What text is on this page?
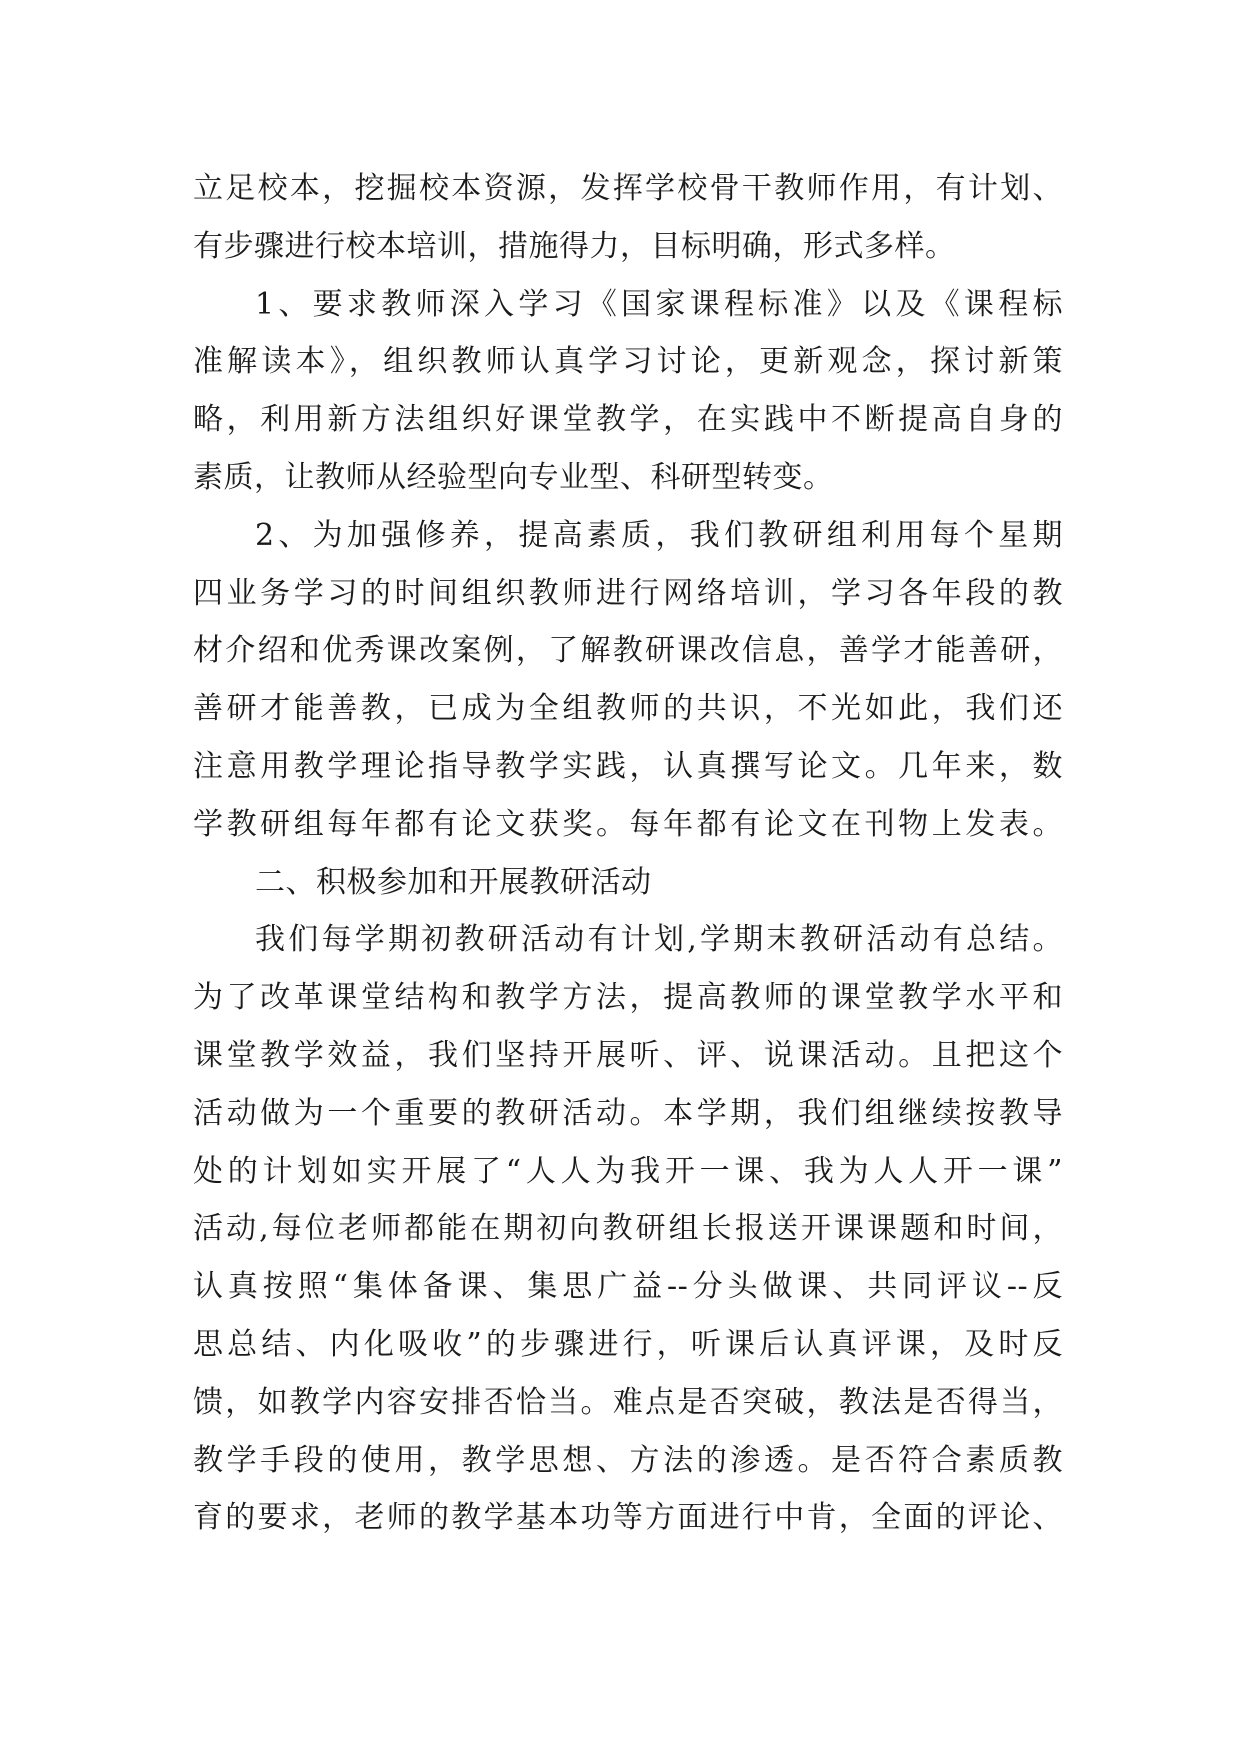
立足校本，挖掘校本资源，发挥学校骨干教师作用，有计划、
有步骤进行校本培训，措施得力，目标明确，形式多样。
1、要求教师深入学习《国家课程标准》以及《课程标
准解读本》，组织教师认真学习讨论，更新观念，探讨新策
略，利用新方法组织好课堂教学，在实践中不断提高自身的
素质，让教师从经验型向专业型、科研型转变。
2、为加强修养，提高素质，我们教研组利用每个星期
四业务学习的时间组织教师进行网络培训，学习各年段的教
材介绍和优秀课改案例，了解教研课改信息，善学才能善研，
善研才能善教，已成为全组教师的共识，不光如此，我们还
注意用教学理论指导教学实践，认真撰写论文。几年来，数
学教研组每年都有论文获奖。每年都有论文在刊物上发表。
二、积极参加和开展教研活动
我们每学期初教研活动有计划,学期末教研活动有总结。
为了改革课堂结构和教学方法，提高教师的课堂教学水平和
课堂教学效益，我们坚持开展听、评、说课活动。且把这个
活动做为一个重要的教研活动。本学期，我们组继续按教导
处的计划如实开展了“人人为我开一课、我为人人开一课”
活动,每位老师都能在期初向教研组长报送开课课题和时间，
认真按照“集体备课、集思广益--分头做课、共同评议--反
思总结、内化吸收”的步骤进行，听课后认真评课，及时反
馈，如教学内容安排否恰当。难点是否突破，教法是否得当，
教学手段的使用，教学思想、方法的渗透。是否符合素质教
育的要求，老师的教学基本功等方面进行中肯，全面的评论、
